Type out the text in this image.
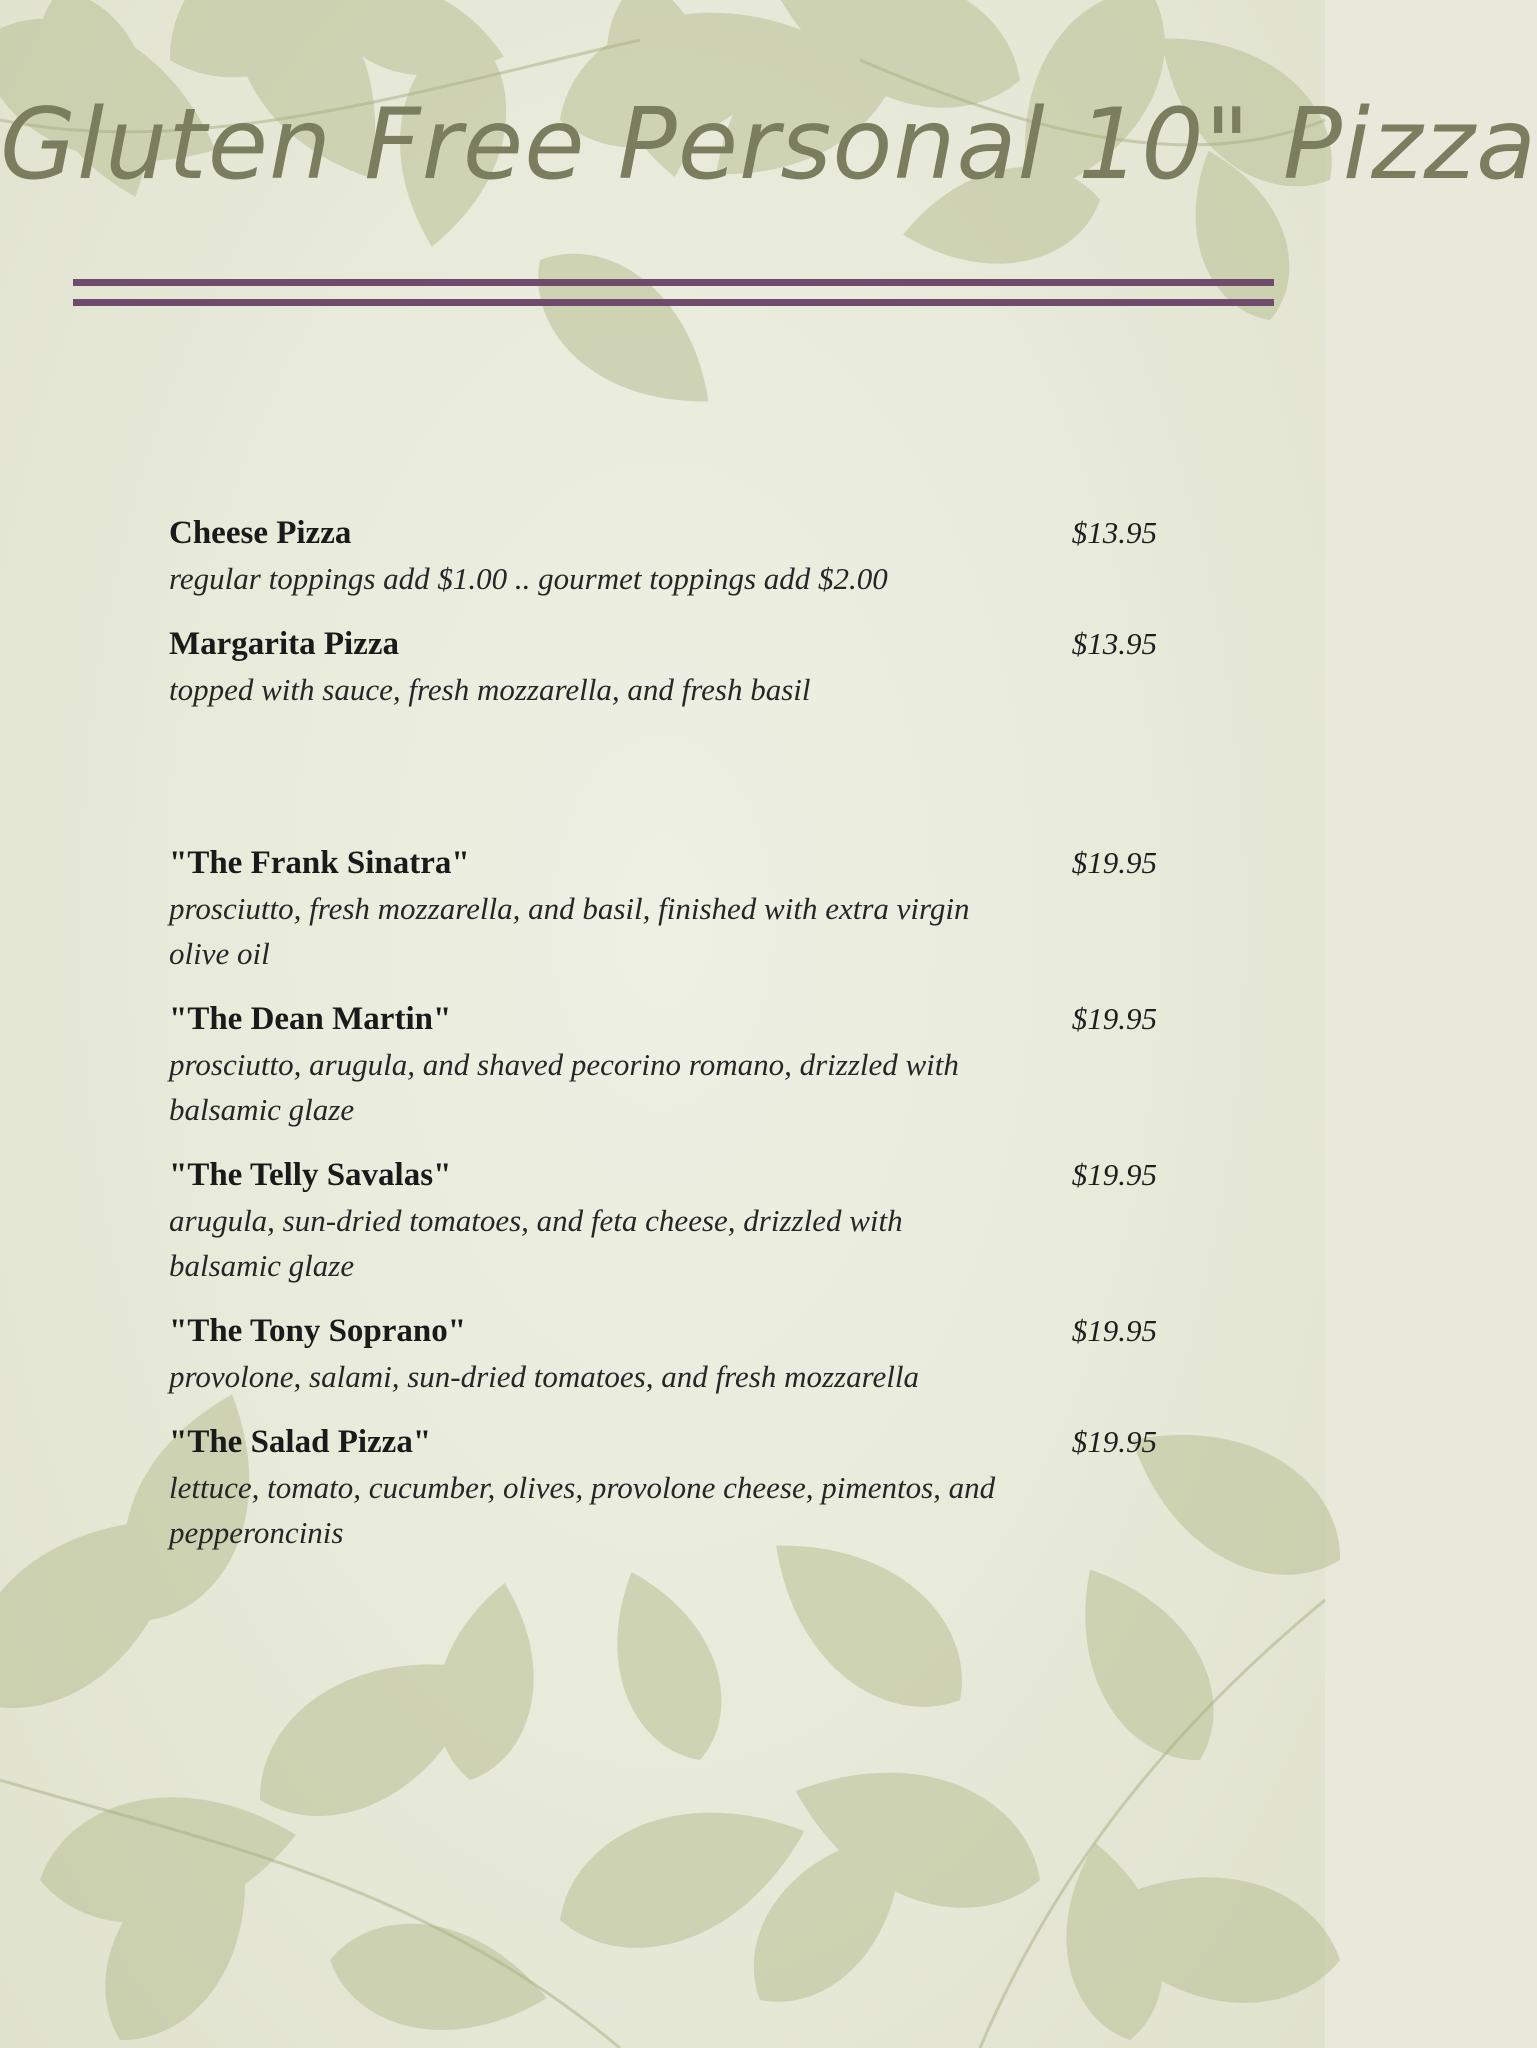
Gluten Free Personal 10" Pizza
Cheese Pizza	$13.95
regular toppings add $1.00 .. gourmet toppings add $2.00
Margarita Pizza	$13.95
topped with sauce, fresh mozzarella, and fresh basil
"The Frank Sinatra"	$19.95
prosciutto, fresh mozzarella, and basil, finished with extra virgin olive oil
"The Dean Martin"	$19.95
prosciutto, arugula, and shaved pecorino romano, drizzled with balsamic glaze
"The Telly Savalas"	$19.95
arugula, sun-dried tomatoes, and feta cheese, drizzled with balsamic glaze
"The Tony Soprano"	$19.95
provolone, salami, sun-dried tomatoes, and fresh mozzarella
"The Salad Pizza"	$19.95
lettuce, tomato, cucumber, olives, provolone cheese, pimentos, and pepperoncinis
